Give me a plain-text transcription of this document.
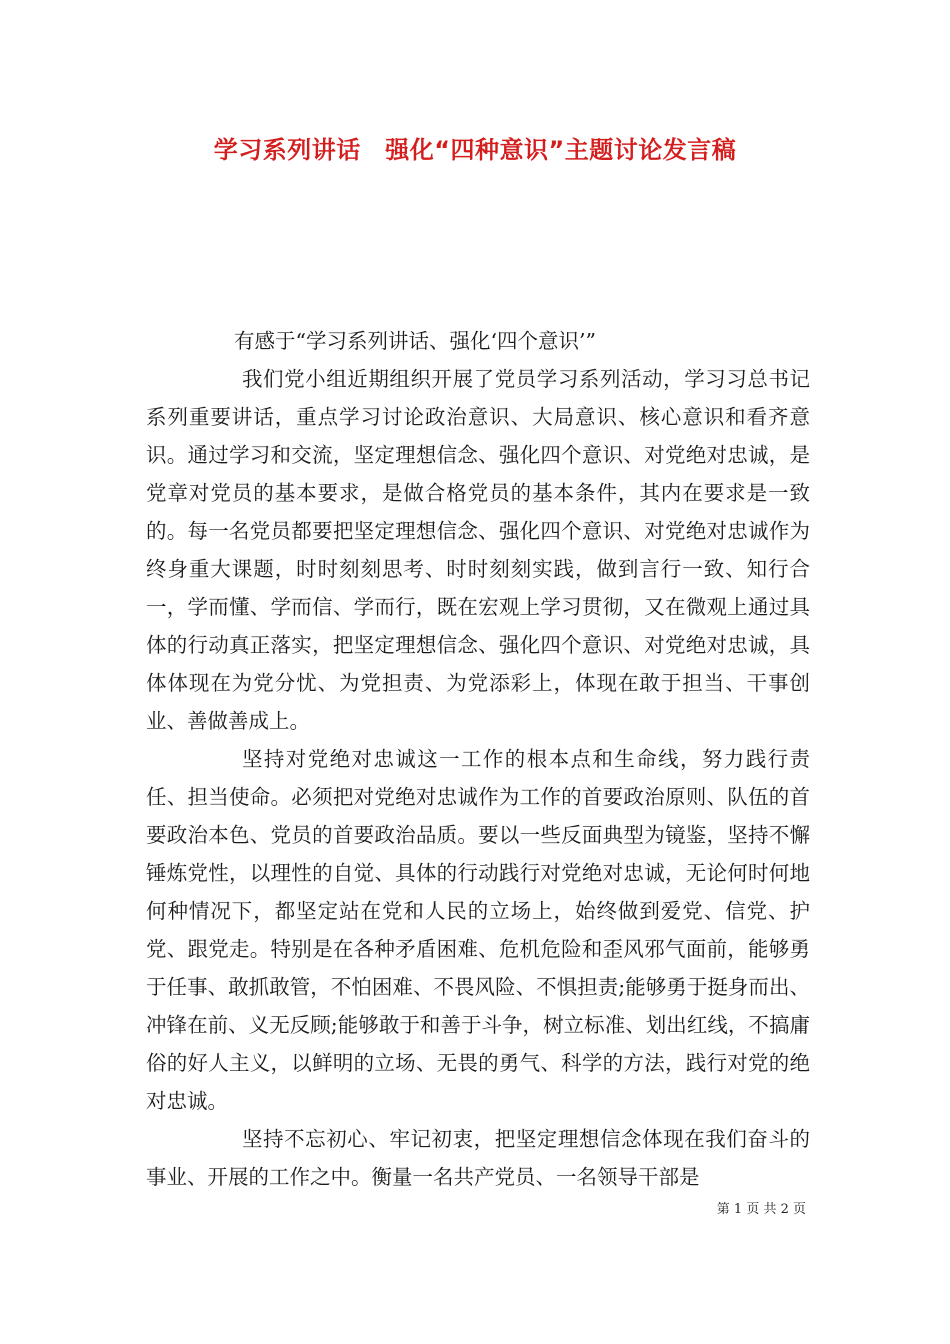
学习系列讲话　强化“四种意识”主题讨论发言稿

有感于“学习系列讲话、强化‘四个意识’”

我们党小组近期组织开展了党员学习系列活动，学习习总书记系列重要讲话，重点学习讨论政治意识、大局意识、核心意识和看齐意识。通过学习和交流，坚定理想信念、强化四个意识、对党绝对忠诚，是党章对党员的基本要求，是做合格党员的基本条件，其内在要求是一致的。每一名党员都要把坚定理想信念、强化四个意识、对党绝对忠诚作为终身重大课题，时时刻刻思考、时时刻刻实践，做到言行一致、知行合一，学而懂、学而信、学而行，既在宏观上学习贯彻，又在微观上通过具体的行动真正落实，把坚定理想信念、强化四个意识、对党绝对忠诚，具体体现在为党分忧、为党担责、为党添彩上，体现在敢于担当、干事创业、善做善成上。

坚持对党绝对忠诚这一工作的根本点和生命线，努力践行责任、担当使命。必须把对党绝对忠诚作为工作的首要政治原则、队伍的首要政治本色、党员的首要政治品质。要以一些反面典型为镜鉴，坚持不懈锤炼党性，以理性的自觉、具体的行动践行对党绝对忠诚，无论何时何地何种情况下，都坚定站在党和人民的立场上，始终做到爱党、信党、护党、跟党走。特别是在各种矛盾困难、危机危险和歪风邪气面前，能够勇于任事、敢抓敢管，不怕困难、不畏风险、不惧担责;能够勇于挺身而出、冲锋在前、义无反顾;能够敢于和善于斗争，树立标准、划出红线，不搞庸俗的好人主义，以鲜明的立场、无畏的勇气、科学的方法，践行对党的绝对忠诚。

坚持不忘初心、牢记初衷，把坚定理想信念体现在我们奋斗的事业、开展的工作之中。衡量一名共产党员、一名领导干部是

第 1 页 共 2 页
